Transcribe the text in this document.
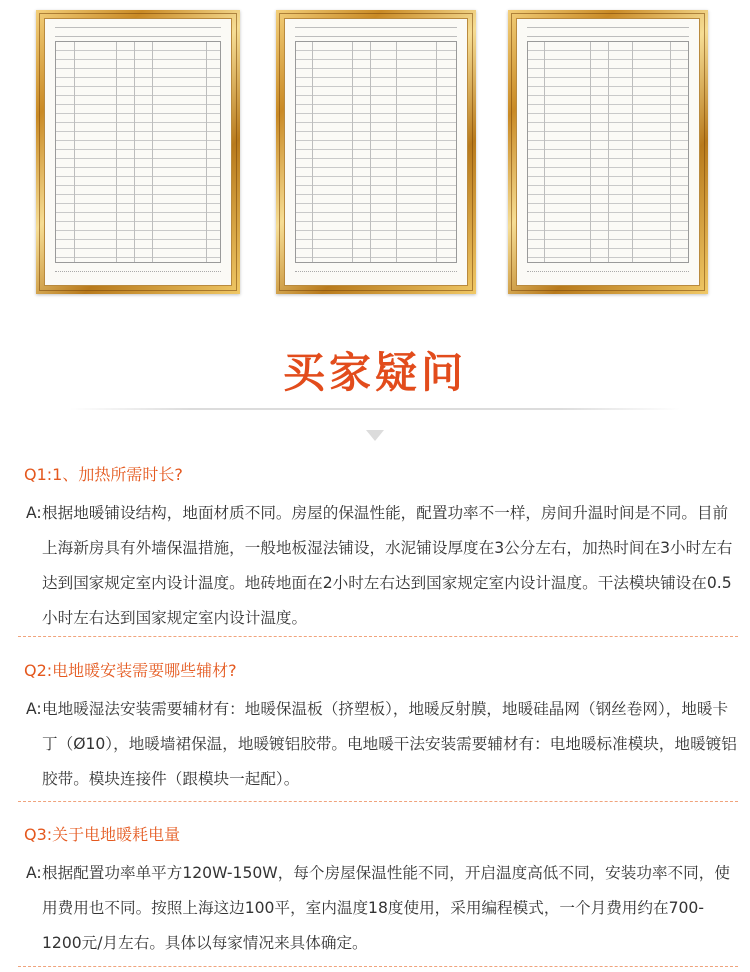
买家疑问
Q1:1、加热所需时长?
A: 根据地暖铺设结构，地面材质不同。房屋的保温性能，配置功率不一样，房间升温时间是不同。目前上海新房具有外墙保温措施，一般地板湿法铺设，水泥铺设厚度在3公分左右，加热时间在3小时左右达到国家规定室内设计温度。地砖地面在2小时左右达到国家规定室内设计温度。干法模块铺设在0.5小时左右达到国家规定室内设计温度。
Q2:电地暖安装需要哪些辅材?
A: 电地暖湿法安装需要辅材有：地暖保温板（挤塑板），地暖反射膜，地暖硅晶网（钢丝卷网），地暖卡丁（Ø10），地暖墙裙保温，地暖镀铝胶带。电地暖干法安装需要辅材有：电地暖标准模块，地暖镀铝胶带。模块连接件（跟模块一起配）。
Q3:关于电地暖耗电量
A: 根据配置功率单平方120W-150W，每个房屋保温性能不同，开启温度高低不同，安装功率不同，使用费用也不同。按照上海这边100平，室内温度18度使用，采用编程模式，一个月费用约在700-1200元/月左右。具体以每家情况来具体确定。
